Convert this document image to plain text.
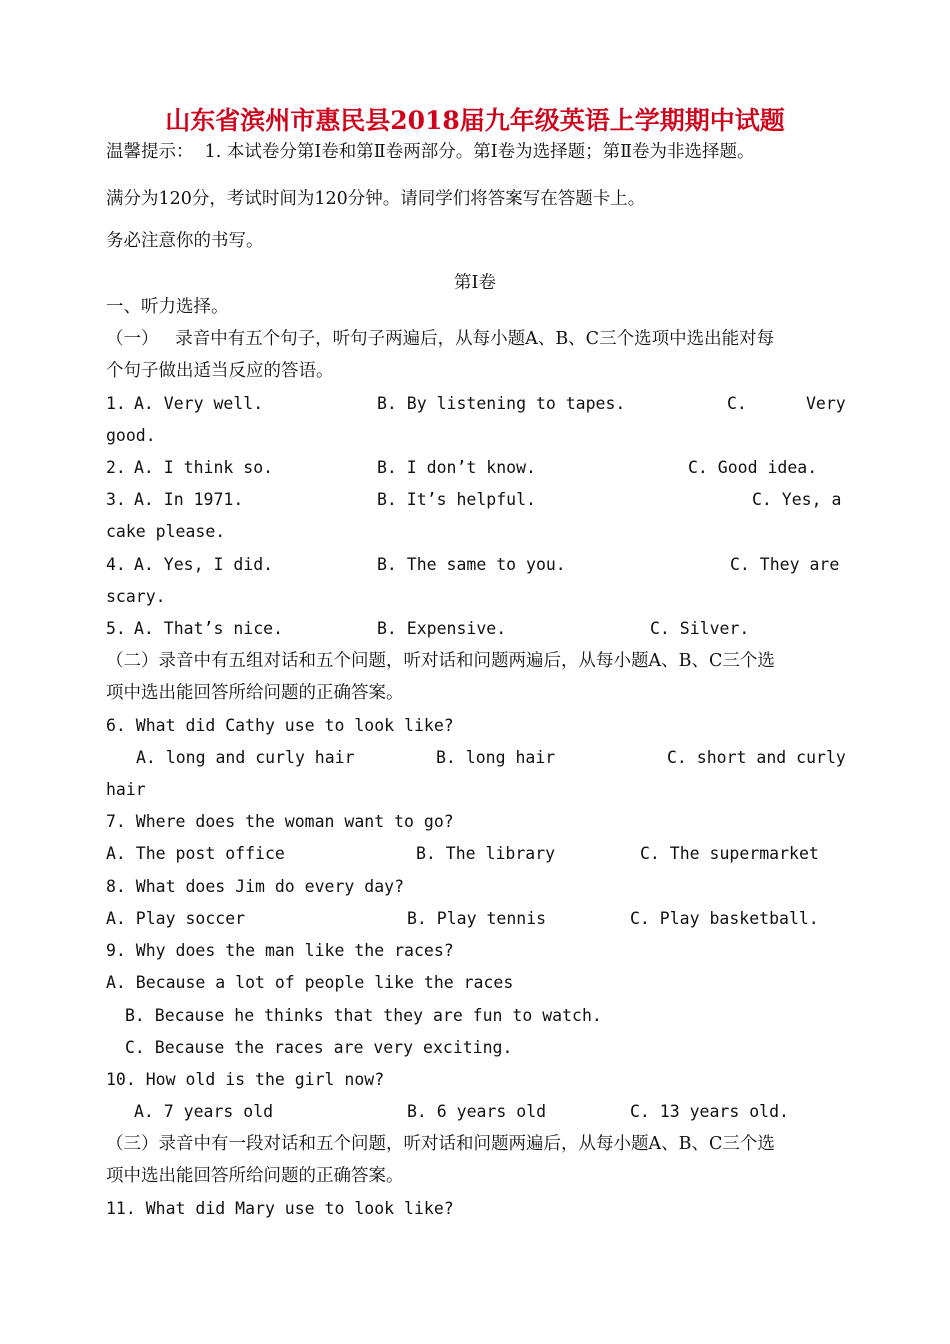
山东省滨州市惠民县2018届九年级英语上学期期中试题
温馨提示：  1. 本试卷分第Ⅰ卷和第Ⅱ卷两部分。第Ⅰ卷为选择题；第Ⅱ卷为非选择题。
满分为120分，考试时间为120分钟。请同学们将答案写在答题卡上。
务必注意你的书写。
第Ⅰ卷
一、听力选择。
（一）   录音中有五个句子，听句子两遍后，从每小题A、B、C三个选项中选出能对每
个句子做出适当反应的答语。
1.
A. Very well.	B. By listening to tapes.	C.	Very
good.
2.
A. I think so.	B. I don’t know.	C. Good idea.
3.
A. In 1971.	B. It’s helpful.	C. Yes, a
cake please.
4.
A. Yes, I did.	B. The same to you.	C. They are
scary.
5.
A. That’s nice.	B. Expensive.	C. Silver.
（二）录音中有五组对话和五个问题，听对话和问题两遍后，从每小题A、B、C三个选
项中选出能回答所给问题的正确答案。
6. What did Cathy use to look like?
A. long and curly hair	B. long hair	C. short and curly
hair
7. Where does the woman want to go?
A. The post office	B. The library	C. The supermarket
8. What does Jim do every day?
A. Play soccer	B. Play tennis	C. Play basketball.
9. Why does the man like the races?
A. Because a lot of people like the races
B. Because he thinks that they are fun to watch.
C. Because the races are very exciting.
10. How old is the girl now?
A. 7 years old	B. 6 years old	C. 13 years old.
（三）录音中有一段对话和五个问题，听对话和问题两遍后，从每小题A、B、C三个选
项中选出能回答所给问题的正确答案。
11. What did Mary use to look like?
